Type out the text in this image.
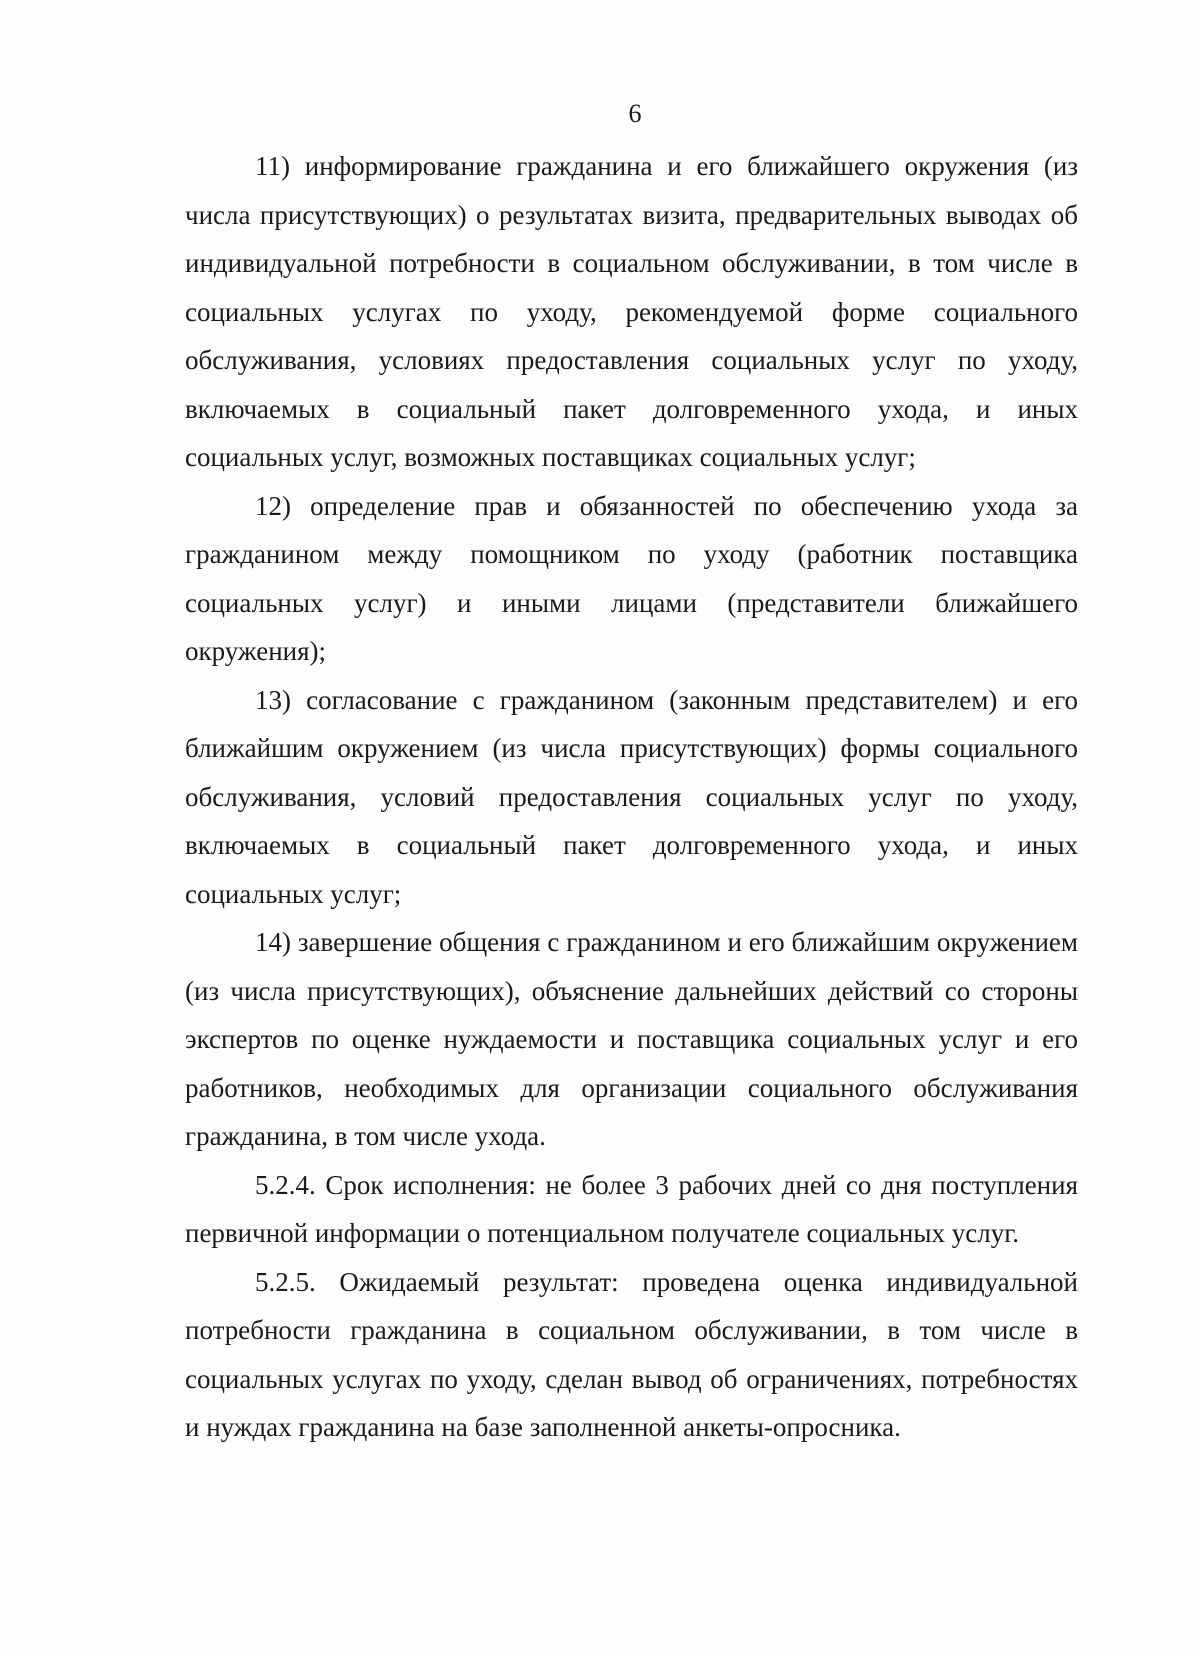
6

11) информирование гражданина и его ближайшего окружения (из числа присутствующих) о результатах визита, предварительных выводах об индивидуальной потребности в социальном обслуживании, в том числе в социальных услугах по уходу, рекомендуемой форме социального обслуживания, условиях предоставления социальных услуг по уходу, включаемых в социальный пакет долговременного ухода, и иных социальных услуг, возможных поставщиках социальных услуг;

12) определение прав и обязанностей по обеспечению ухода за гражданином между помощником по уходу (работник поставщика социальных услуг) и иными лицами (представители ближайшего окружения);

13) согласование с гражданином (законным представителем) и его ближайшим окружением (из числа присутствующих) формы социального обслуживания, условий предоставления социальных услуг по уходу, включаемых в социальный пакет долговременного ухода, и иных социальных услуг;

14) завершение общения с гражданином и его ближайшим окружением (из числа присутствующих), объяснение дальнейших действий со стороны экспертов по оценке нуждаемости и поставщика социальных услуг и его работников, необходимых для организации социального обслуживания гражданина, в том числе ухода.

5.2.4. Срок исполнения: не более 3 рабочих дней со дня поступления первичной информации о потенциальном получателе социальных услуг.

5.2.5. Ожидаемый результат: проведена оценка индивидуальной потребности гражданина в социальном обслуживании, в том числе в социальных услугах по уходу, сделан вывод об ограничениях, потребностях и нуждах гражданина на базе заполненной анкеты-опросника.
